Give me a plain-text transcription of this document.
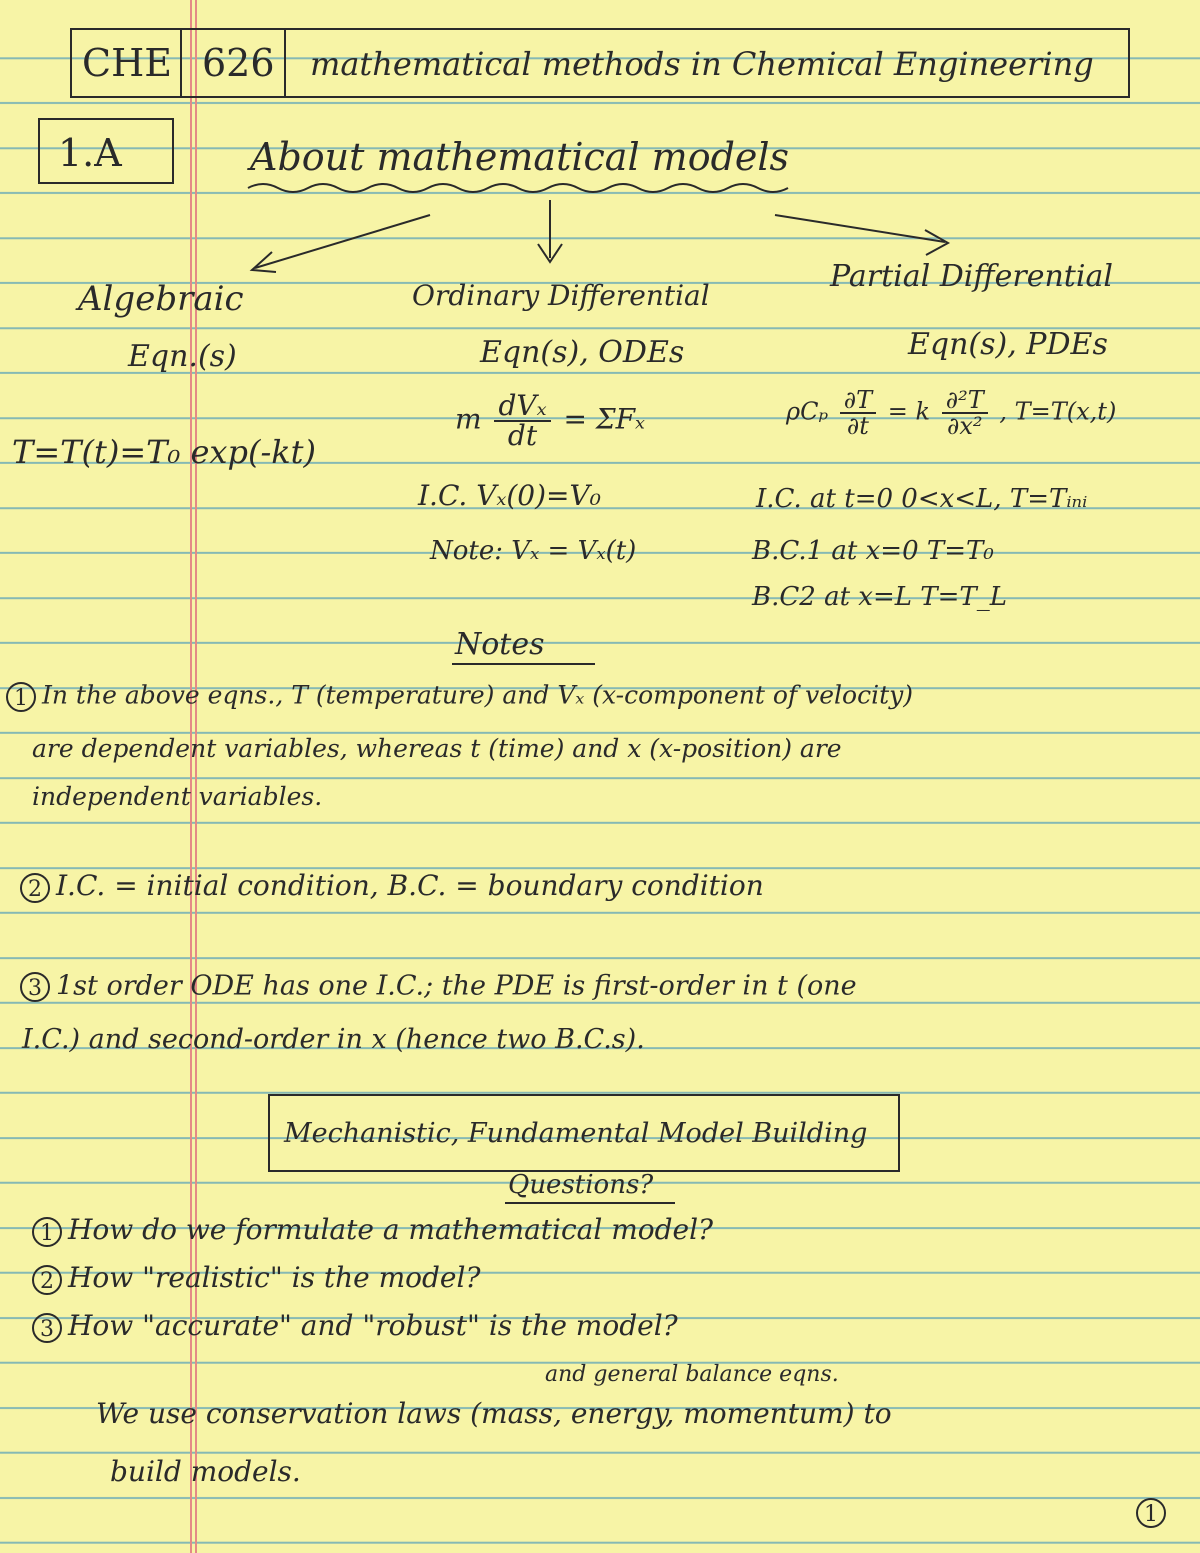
CHE 626 mathematical methods in Chemical Engineering
1.A	About mathematical models
Algebraic
Eqn.(s)
T=T(t)=T₀ exp(-kt)
Ordinary Differential
Eqn(s), ODEs
m $\frac{\text{dVₓ}}{dt} = \Sigma F_x$
I.C. Vₓ(0)=V₀
Note: Vₓ = Vₓ(t)
Partial Differential
Eqn(s), PDEs
ρCₚ $\frac{\partial T}{\partial t} = k \frac{\text{∂²T}}{\text{∂x²}}$ , T=T(x,t)
I.C. at t=0 0<x<L, T=Tᵢₙᵢ
B.C.1 at x=0 T=T₀
B.C2 at x=L T=T_L
Notes
1 In the above eqns., T (temperature) and Vₓ (x-component of velocity)
are dependent variables, whereas t (time) and x (x-position) are
independent variables.
2 I.C. = initial condition, B.C. = boundary condition
3 1st order ODE has one I.C.; the PDE is first-order in t (one
I.C.) and second-order in x (hence two B.C.s).
Mechanistic, Fundamental Model Building
Questions?
1 How do we formulate a mathematical model?
2 How "realistic" is the model?
3 How "accurate" and "robust" is the model?
and general balance eqns.
We use conservation laws (mass, energy, momentum) to
build models.
1
